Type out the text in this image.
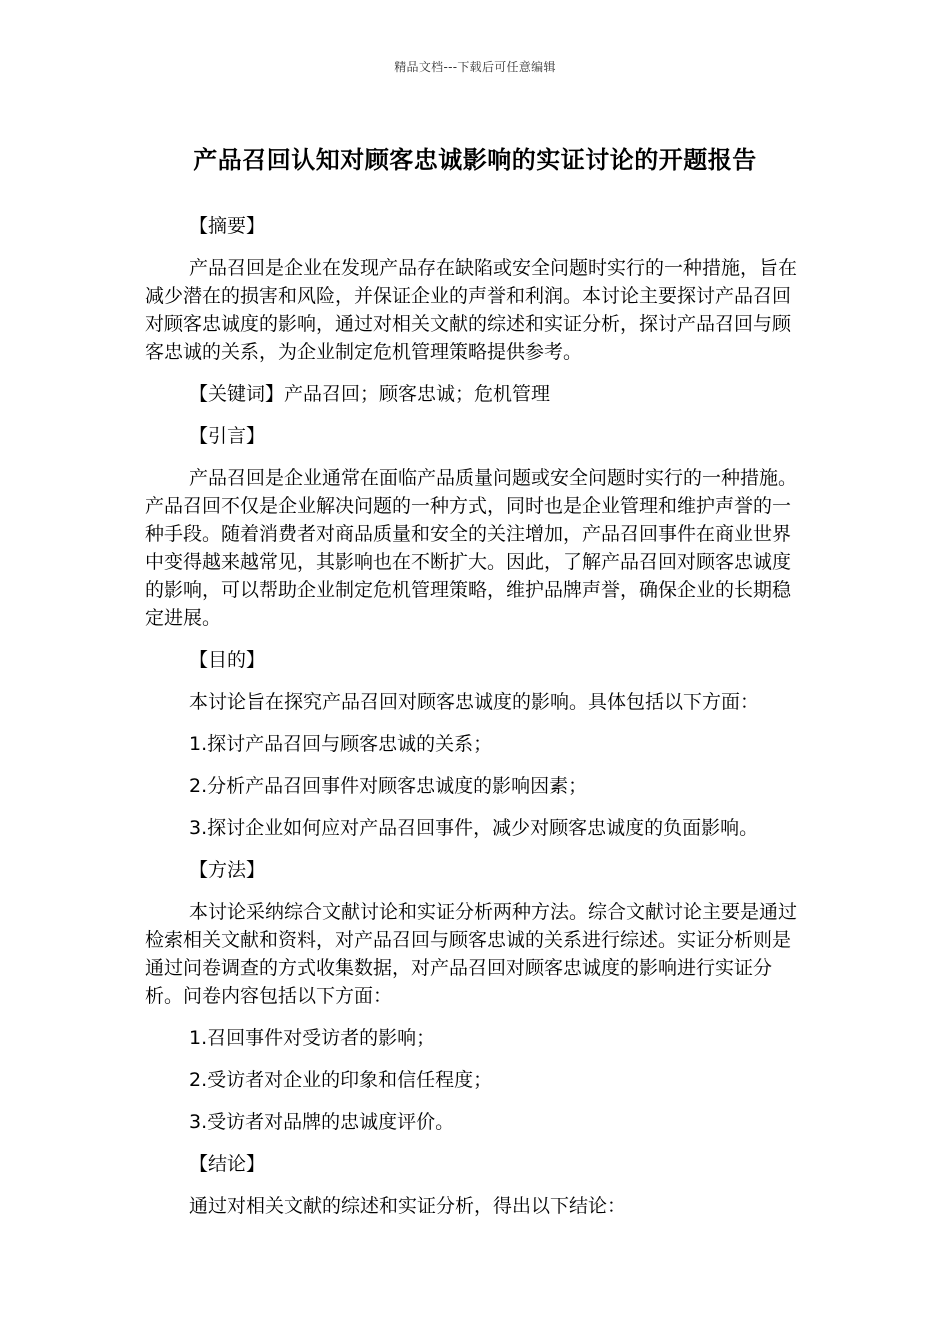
精品文档---下载后可任意编辑
产品召回认知对顾客忠诚影响的实证讨论的开题报告

【摘要】

产品召回是企业在发现产品存在缺陷或安全问题时实行的一种措施，旨在减少潜在的损害和风险，并保证企业的声誉和利润。本讨论主要探讨产品召回对顾客忠诚度的影响，通过对相关文献的综述和实证分析，探讨产品召回与顾客忠诚的关系，为企业制定危机管理策略提供参考。

【关键词】产品召回；顾客忠诚；危机管理

【引言】

产品召回是企业通常在面临产品质量问题或安全问题时实行的一种措施。产品召回不仅是企业解决问题的一种方式，同时也是企业管理和维护声誉的一种手段。随着消费者对商品质量和安全的关注增加，产品召回事件在商业世界中变得越来越常见，其影响也在不断扩大。因此，了解产品召回对顾客忠诚度的影响，可以帮助企业制定危机管理策略，维护品牌声誉，确保企业的长期稳定进展。

【目的】

本讨论旨在探究产品召回对顾客忠诚度的影响。具体包括以下方面：

1.探讨产品召回与顾客忠诚的关系；

2.分析产品召回事件对顾客忠诚度的影响因素；

3.探讨企业如何应对产品召回事件，减少对顾客忠诚度的负面影响。

【方法】

本讨论采纳综合文献讨论和实证分析两种方法。综合文献讨论主要是通过检索相关文献和资料，对产品召回与顾客忠诚的关系进行综述。实证分析则是通过问卷调查的方式收集数据，对产品召回对顾客忠诚度的影响进行实证分析。问卷内容包括以下方面：

1.召回事件对受访者的影响；

2.受访者对企业的印象和信任程度；

3.受访者对品牌的忠诚度评价。

【结论】

通过对相关文献的综述和实证分析，得出以下结论：
